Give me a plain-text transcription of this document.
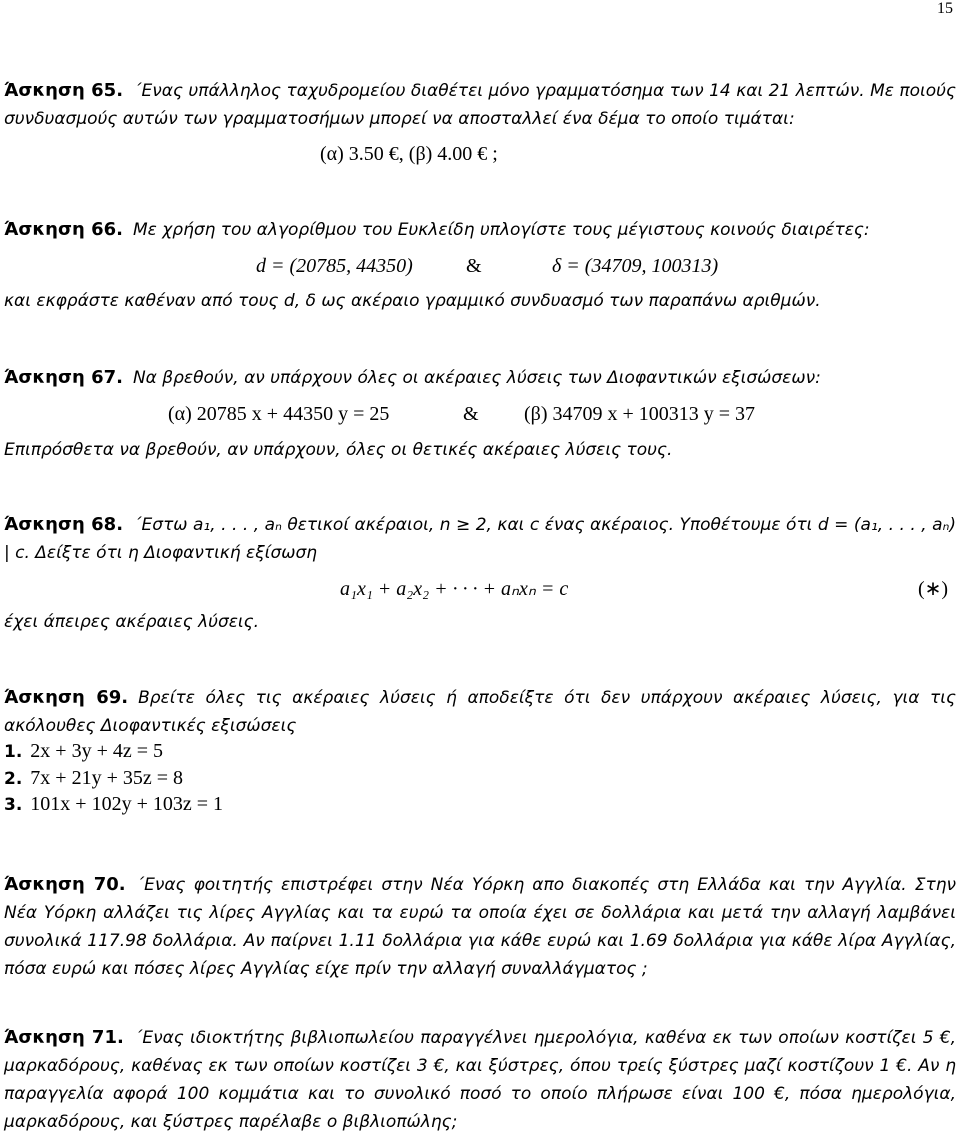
15
Άσκηση 65. ΄Ενας υπάλληλος ταχυδρομείου διαθέτει μόνο γραμματόσημα των 14 και 21 λεπτών. Με ποιούς συνδυασμούς αυτών των γραμματοσήμων μπορεί να αποσταλλεί ένα δέμα το οποίο τιμάται:
(α) 3.50 €, (β) 4.00 € ;
Άσκηση 66. Με χρήση του αλγορίθμου του Ευκλείδη υπλογίστε τους μέγιστους κοινούς διαιρέτες:
d = (20785, 44350)	&	δ = (34709, 100313)
και εκφράστε καθέναν από τους d, δ ως ακέραιο γραμμικό συνδυασμό των παραπάνω αριθμών.
Άσκηση 67. Να βρεθούν, αν υπάρχουν όλες οι ακέραιες λύσεις των Διοφαντικών εξισώσεων:
(α) 20785 x + 44350 y = 25	& (β) 34709 x + 100313 y = 37
Επιπρόσθετα να βρεθούν, αν υπάρχουν, όλες οι θετικές ακέραιες λύσεις τους.
Άσκηση 68. ΄Εστω a₁, . . . , aₙ θετικοί ακέραιοι, n ≥ 2, και c ένας ακέραιος. Υποθέτουμε ότι d = (a₁, . . . , aₙ) | c. Δείξτε ότι η Διοφαντική εξίσωση
a₁x₁ + a₂x₂ + · · · + aₙxₙ = c	(∗)
έχει άπειρες ακέραιες λύσεις.
Άσκηση 69. Βρείτε όλες τις ακέραιες λύσεις ή αποδείξτε ότι δεν υπάρχουν ακέραιες λύσεις, για τις ακόλουθες Διοφαντικές εξισώσεις
1. 2x + 3y + 4z = 5
2. 7x + 21y + 35z = 8
3. 101x + 102y + 103z = 1
Άσκηση 70. ΄Ενας φοιτητής επιστρέφει στην Νέα Υόρκη απο διακοπές στη Ελλάδα και την Αγγλία. Στην Νέα Υόρκη αλλάζει τις λίρες Αγγλίας και τα ευρώ τα οποία έχει σε δολλάρια και μετά την αλλαγή λαμβάνει συνολικά 117.98 δολλάρια. Αν παίρνει 1.11 δολλάρια για κάθε ευρώ και 1.69 δολλάρια για κάθε λίρα Αγγλίας, πόσα ευρώ και πόσες λίρες Αγγλίας είχε πρίν την αλλαγή συναλλάγματος ;
Άσκηση 71. ΄Ενας ιδιοκτήτης βιβλιοπωλείου παραγγέλνει ημερολόγια, καθένα εκ των οποίων κοστίζει 5 €, μαρκαδόρους, καθένας εκ των οποίων κοστίζει 3 €, και ξύστρες, όπου τρείς ξύστρες μαζί κοστίζουν 1 €. Αν η παραγγελία αφορά 100 κομμάτια και το συνολικό ποσό το οποίο πλήρωσε είναι 100 €, πόσα ημερολόγια, μαρκαδόρους, και ξύστρες παρέλαβε ο βιβλιοπώλης;
